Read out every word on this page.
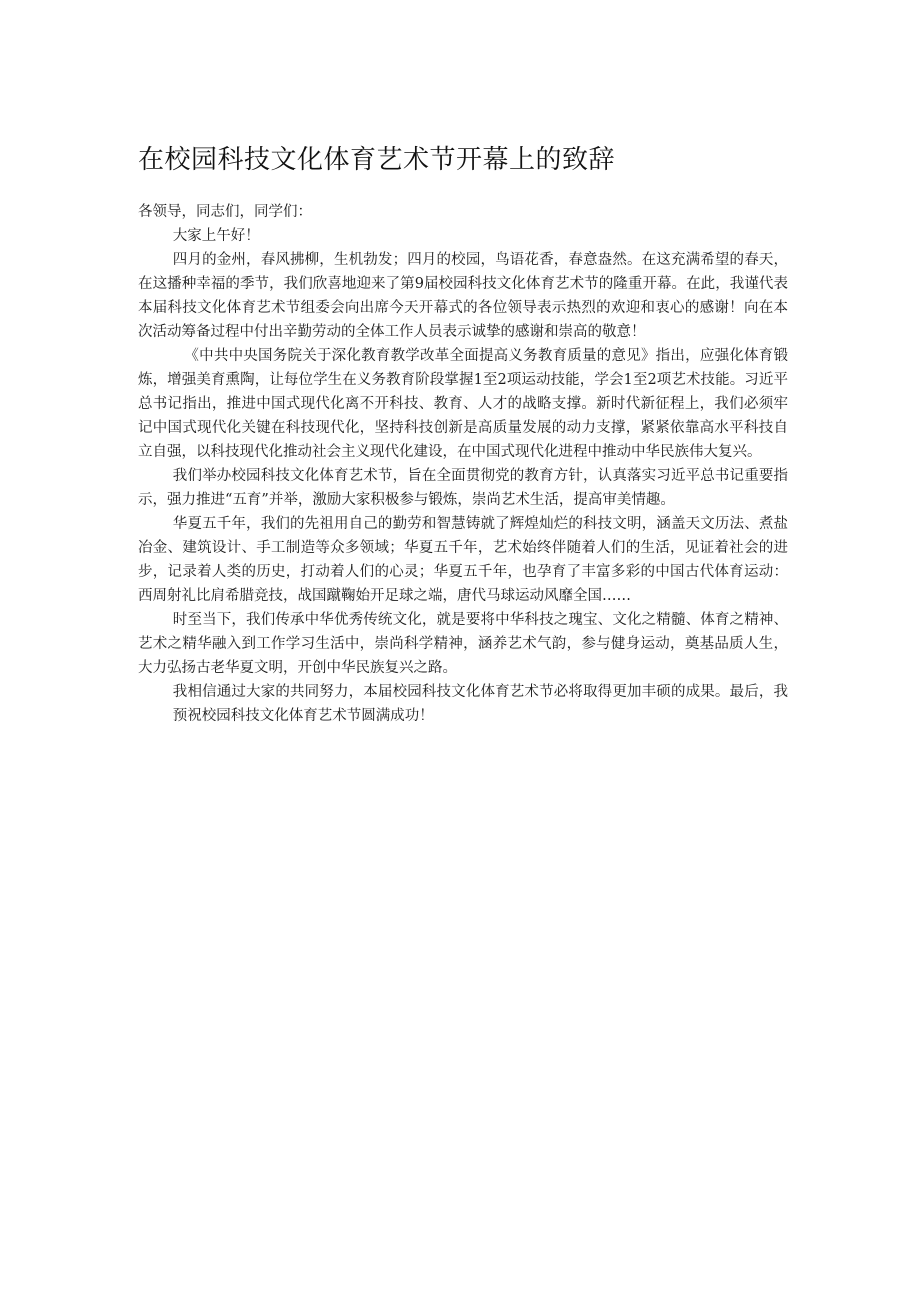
在校园科技文化体育艺术节开幕上的致辞

各领导，同志们，同学们：

大家上午好！

四月的金州，春风拂柳，生机勃发；四月的校园，鸟语花香，春意盎然。在这充满希望的春天，在这播种幸福的季节，我们欣喜地迎来了第9届校园科技文化体育艺术节的隆重开幕。在此，我谨代表本届科技文化体育艺术节组委会向出席今天开幕式的各位领导表示热烈的欢迎和衷心的感谢！向在本次活动筹备过程中付出辛勤劳动的全体工作人员表示诚挚的感谢和崇高的敬意！

《中共中央国务院关于深化教育教学改革全面提高义务教育质量的意见》指出，应强化体育锻炼，增强美育熏陶，让每位学生在义务教育阶段掌握1至2项运动技能，学会1至2项艺术技能。习近平总书记指出，推进中国式现代化离不开科技、教育、人才的战略支撑。新时代新征程上，我们必须牢记中国式现代化关键在科技现代化，坚持科技创新是高质量发展的动力支撑，紧紧依靠高水平科技自立自强，以科技现代化推动社会主义现代化建设，在中国式现代化进程中推动中华民族伟大复兴。

我们举办校园科技文化体育艺术节，旨在全面贯彻党的教育方针，认真落实习近平总书记重要指示，强力推进“五育”并举，激励大家积极参与锻炼，崇尚艺术生活，提高审美情趣。

华夏五千年，我们的先祖用自己的勤劳和智慧铸就了辉煌灿烂的科技文明，涵盖天文历法、煮盐冶金、建筑设计、手工制造等众多领域；华夏五千年，艺术始终伴随着人们的生活，见证着社会的进步，记录着人类的历史，打动着人们的心灵；华夏五千年，也孕育了丰富多彩的中国古代体育运动：西周射礼比肩希腊竞技，战国蹴鞠始开足球之端，唐代马球运动风靡全国……

时至当下，我们传承中华优秀传统文化，就是要将中华科技之瑰宝、文化之精髓、体育之精神、艺术之精华融入到工作学习生活中，崇尚科学精神，涵养艺术气韵，参与健身运动，奠基品质人生，大力弘扬古老华夏文明，开创中华民族复兴之路。

我相信通过大家的共同努力，本届校园科技文化体育艺术节必将取得更加丰硕的成果。最后，我预祝校园科技文化体育艺术节圆满成功！
